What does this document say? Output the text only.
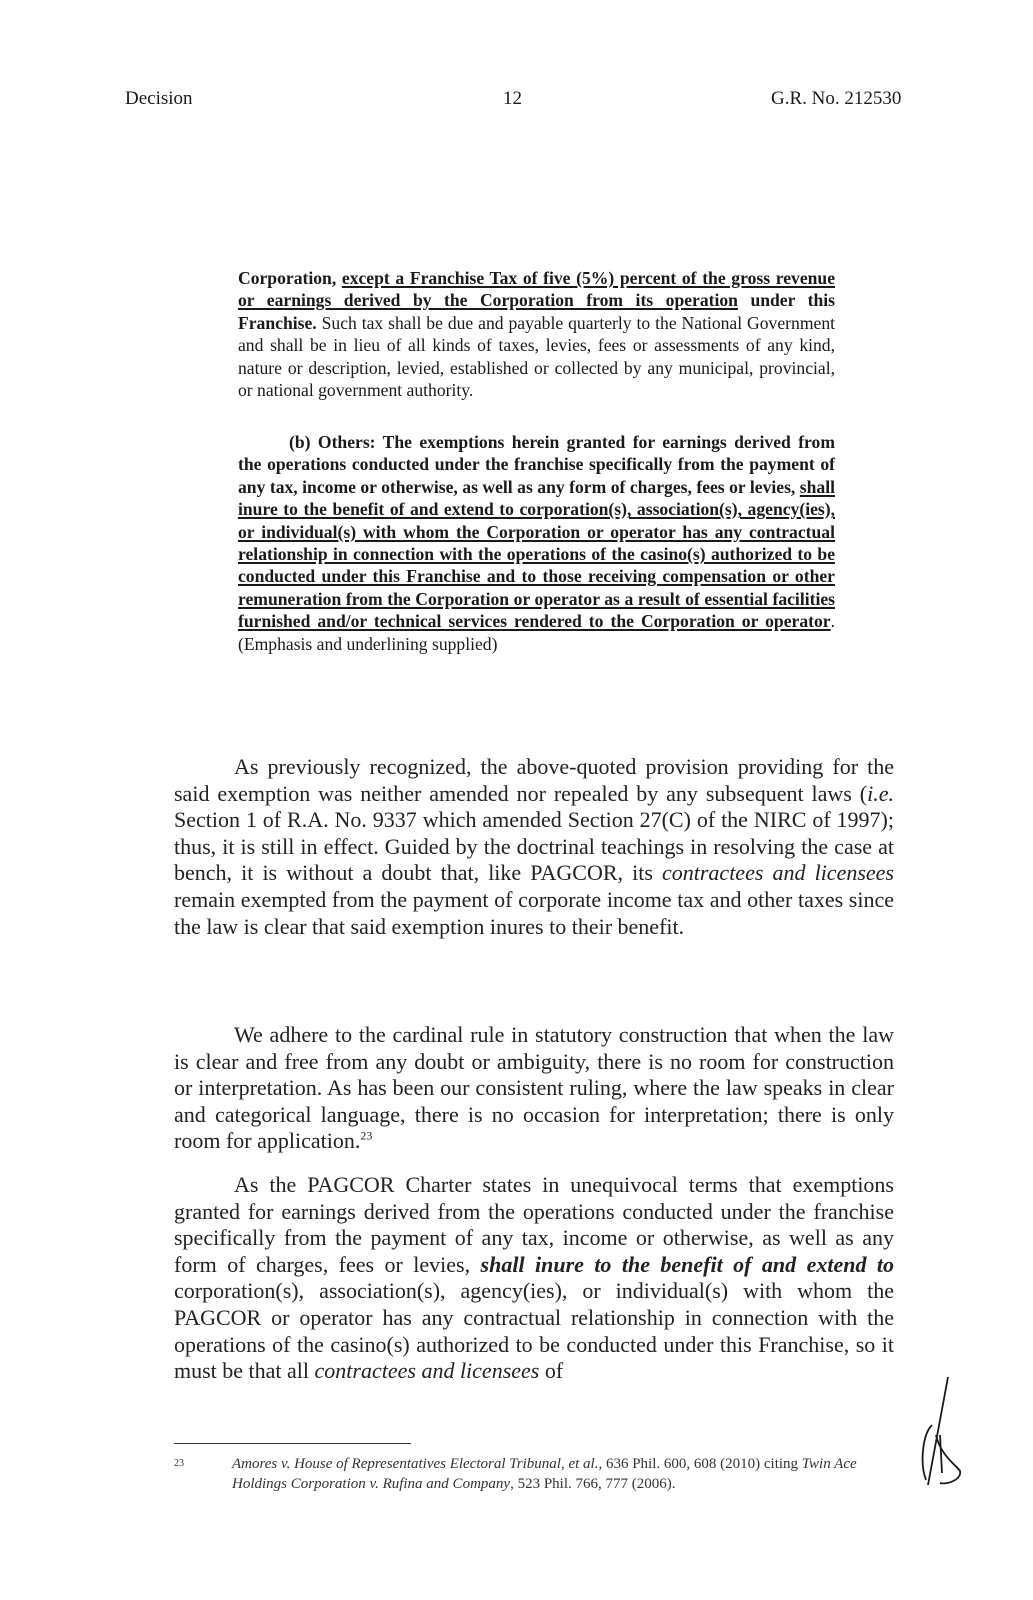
Decision	12	G.R. No. 212530
Corporation, except a Franchise Tax of five (5%) percent of the gross revenue or earnings derived by the Corporation from its operation under this Franchise. Such tax shall be due and payable quarterly to the National Government and shall be in lieu of all kinds of taxes, levies, fees or assessments of any kind, nature or description, levied, established or collected by any municipal, provincial, or national government authority.
(b) Others: The exemptions herein granted for earnings derived from the operations conducted under the franchise specifically from the payment of any tax, income or otherwise, as well as any form of charges, fees or levies, shall inure to the benefit of and extend to corporation(s), association(s), agency(ies), or individual(s) with whom the Corporation or operator has any contractual relationship in connection with the operations of the casino(s) authorized to be conducted under this Franchise and to those receiving compensation or other remuneration from the Corporation or operator as a result of essential facilities furnished and/or technical services rendered to the Corporation or operator. (Emphasis and underlining supplied)
As previously recognized, the above-quoted provision providing for the said exemption was neither amended nor repealed by any subsequent laws (i.e. Section 1 of R.A. No. 9337 which amended Section 27(C) of the NIRC of 1997); thus, it is still in effect. Guided by the doctrinal teachings in resolving the case at bench, it is without a doubt that, like PAGCOR, its contractees and licensees remain exempted from the payment of corporate income tax and other taxes since the law is clear that said exemption inures to their benefit.
We adhere to the cardinal rule in statutory construction that when the law is clear and free from any doubt or ambiguity, there is no room for construction or interpretation. As has been our consistent ruling, where the law speaks in clear and categorical language, there is no occasion for interpretation; there is only room for application.$^{23}$
As the PAGCOR Charter states in unequivocal terms that exemptions granted for earnings derived from the operations conducted under the franchise specifically from the payment of any tax, income or otherwise, as well as any form of charges, fees or levies, shall inure to the benefit of and extend to corporation(s), association(s), agency(ies), or individual(s) with whom the PAGCOR or operator has any contractual relationship in connection with the operations of the casino(s) authorized to be conducted under this Franchise, so it must be that all contractees and licensees of
23	Amores v. House of Representatives Electoral Tribunal, et al., 636 Phil. 600, 608 (2010) citing Twin Ace Holdings Corporation v. Rufina and Company, 523 Phil. 766, 777 (2006).
